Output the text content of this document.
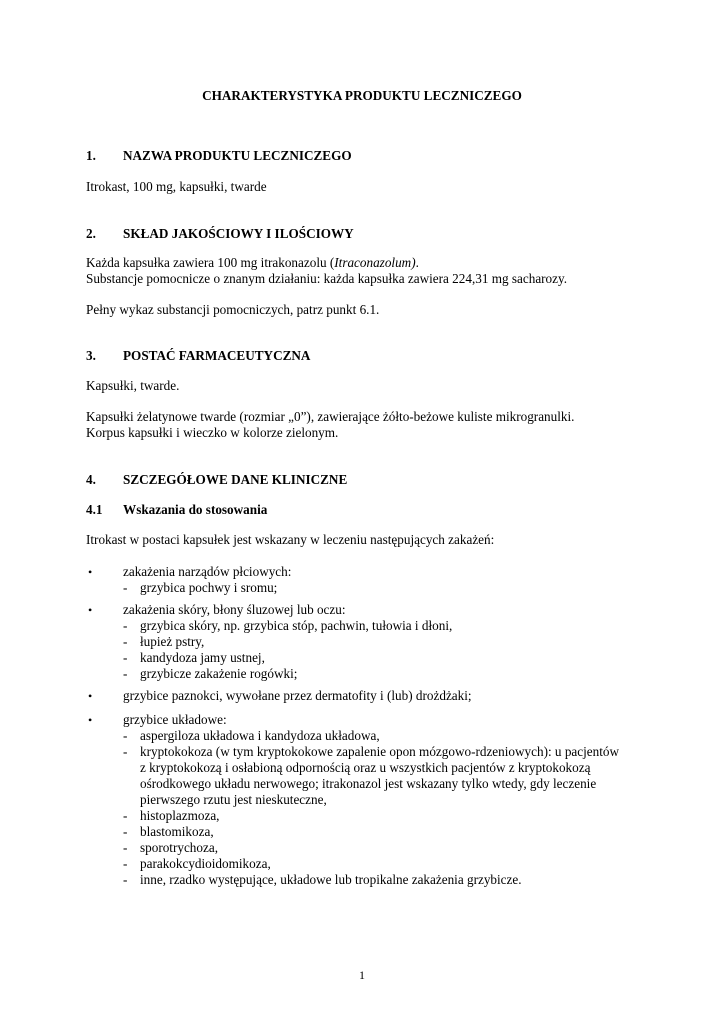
CHARAKTERYSTYKA PRODUKTU LECZNICZEGO
1. NAZWA PRODUKTU LECZNICZEGO
Itrokast, 100 mg, kapsułki, twarde
2. SKŁAD JAKOŚCIOWY I ILOŚCIOWY
Każda kapsułka zawiera 100 mg itrakonazolu (Itraconazolum).
Substancje pomocnicze o znanym działaniu: każda kapsułka zawiera 224,31 mg sacharozy.
Pełny wykaz substancji pomocniczych, patrz punkt 6.1.
3. POSTAĆ FARMACEUTYCZNA
Kapsułki, twarde.
Kapsułki żelatynowe twarde (rozmiar „0”), zawierające żółto-beżowe kuliste mikrogranulki.
Korpus kapsułki i wieczko w kolorze zielonym.
4. SZCZEGÓŁOWE DANE KLINICZNE
4.1 Wskazania do stosowania
Itrokast w postaci kapsułek jest wskazany w leczeniu następujących zakażeń:
• zakażenia narządów płciowych:
- grzybica pochwy i sromu;
• zakażenia skóry, błony śluzowej lub oczu:
- grzybica skóry, np. grzybica stóp, pachwin, tułowia i dłoni,
- łupież pstry,
- kandydoza jamy ustnej,
- grzybicze zakażenie rogówki;
• grzybice paznokci, wywołane przez dermatofity i (lub) drożdżaki;
• grzybice układowe:
- aspergiloza układowa i kandydoza układowa,
- kryptokokoza (w tym kryptokokowe zapalenie opon mózgowo-rdzeniowych): u pacjentów
z kryptokokozą i osłabioną odpornością oraz u wszystkich pacjentów z kryptokokozą
ośrodkowego układu nerwowego; itrakonazol jest wskazany tylko wtedy, gdy leczenie
pierwszego rzutu jest nieskuteczne,
- histoplazmoza,
- blastomikoza,
- sporotrychoza,
- parakokcydioidomikoza,
- inne, rzadko występujące, układowe lub tropikalne zakażenia grzybicze.
1
